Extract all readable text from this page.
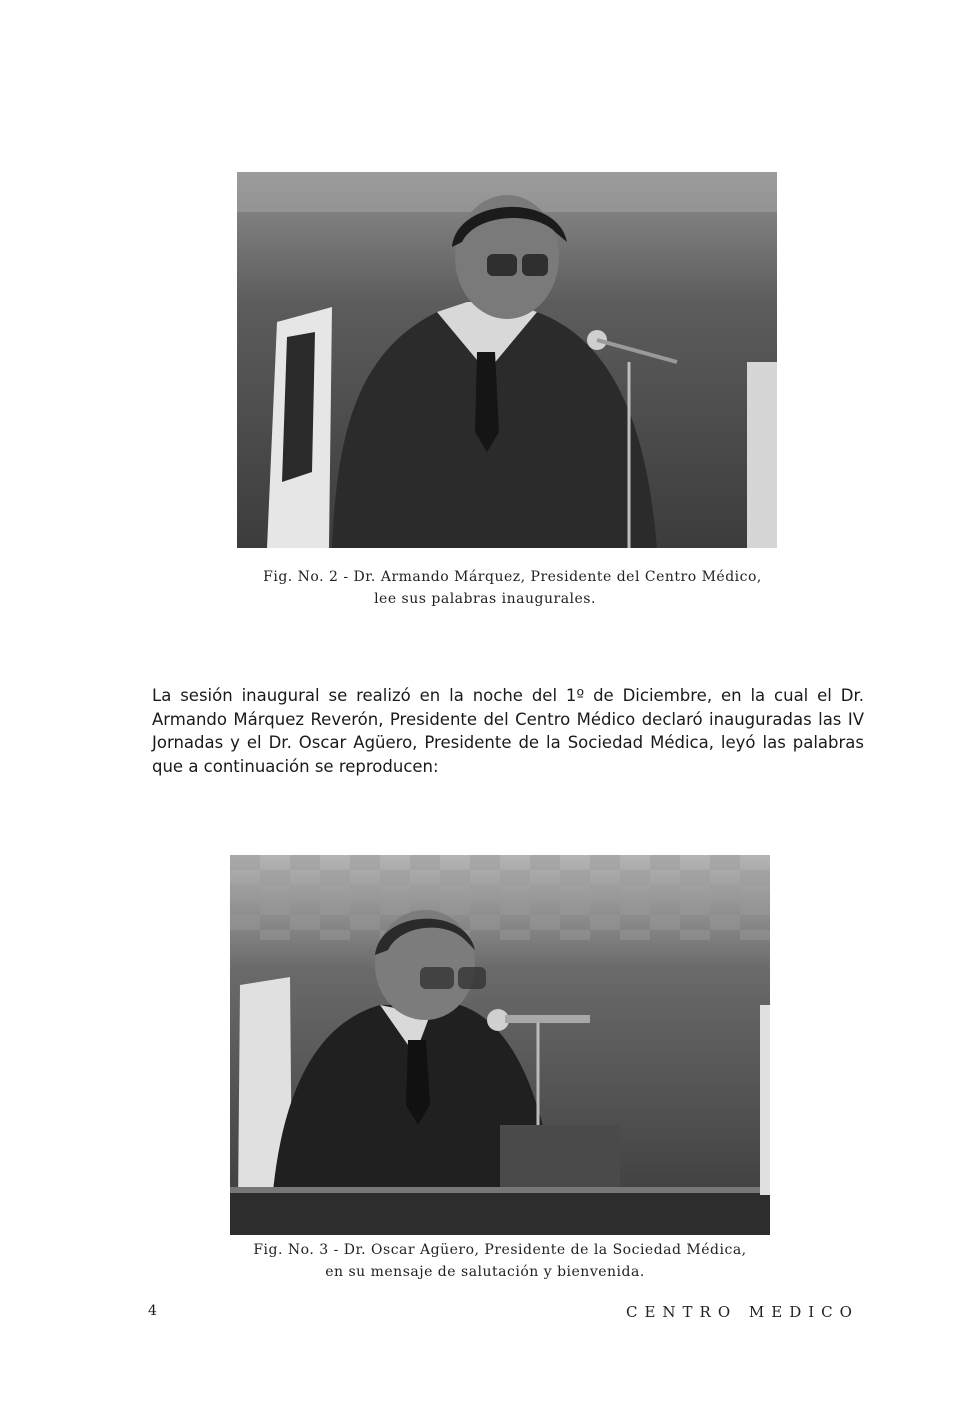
Fig. No. 2 - Dr. Armando Márquez, Presidente del Centro Médico,
lee sus palabras inaugurales.
La sesión inaugural se realizó en la noche del 1º de Diciembre, en la cual el Dr. Armando Márquez Reverón, Presidente del Centro Médico declaró inauguradas las IV Jornadas y el Dr. Oscar Agüero, Presidente de la Sociedad Médica, leyó las palabras que a continuación se reproducen:
Fig. No. 3 - Dr. Oscar Agüero, Presidente de la Sociedad Médica,
en su mensaje de salutación y bienvenida.
4	CENTRO MEDICO
